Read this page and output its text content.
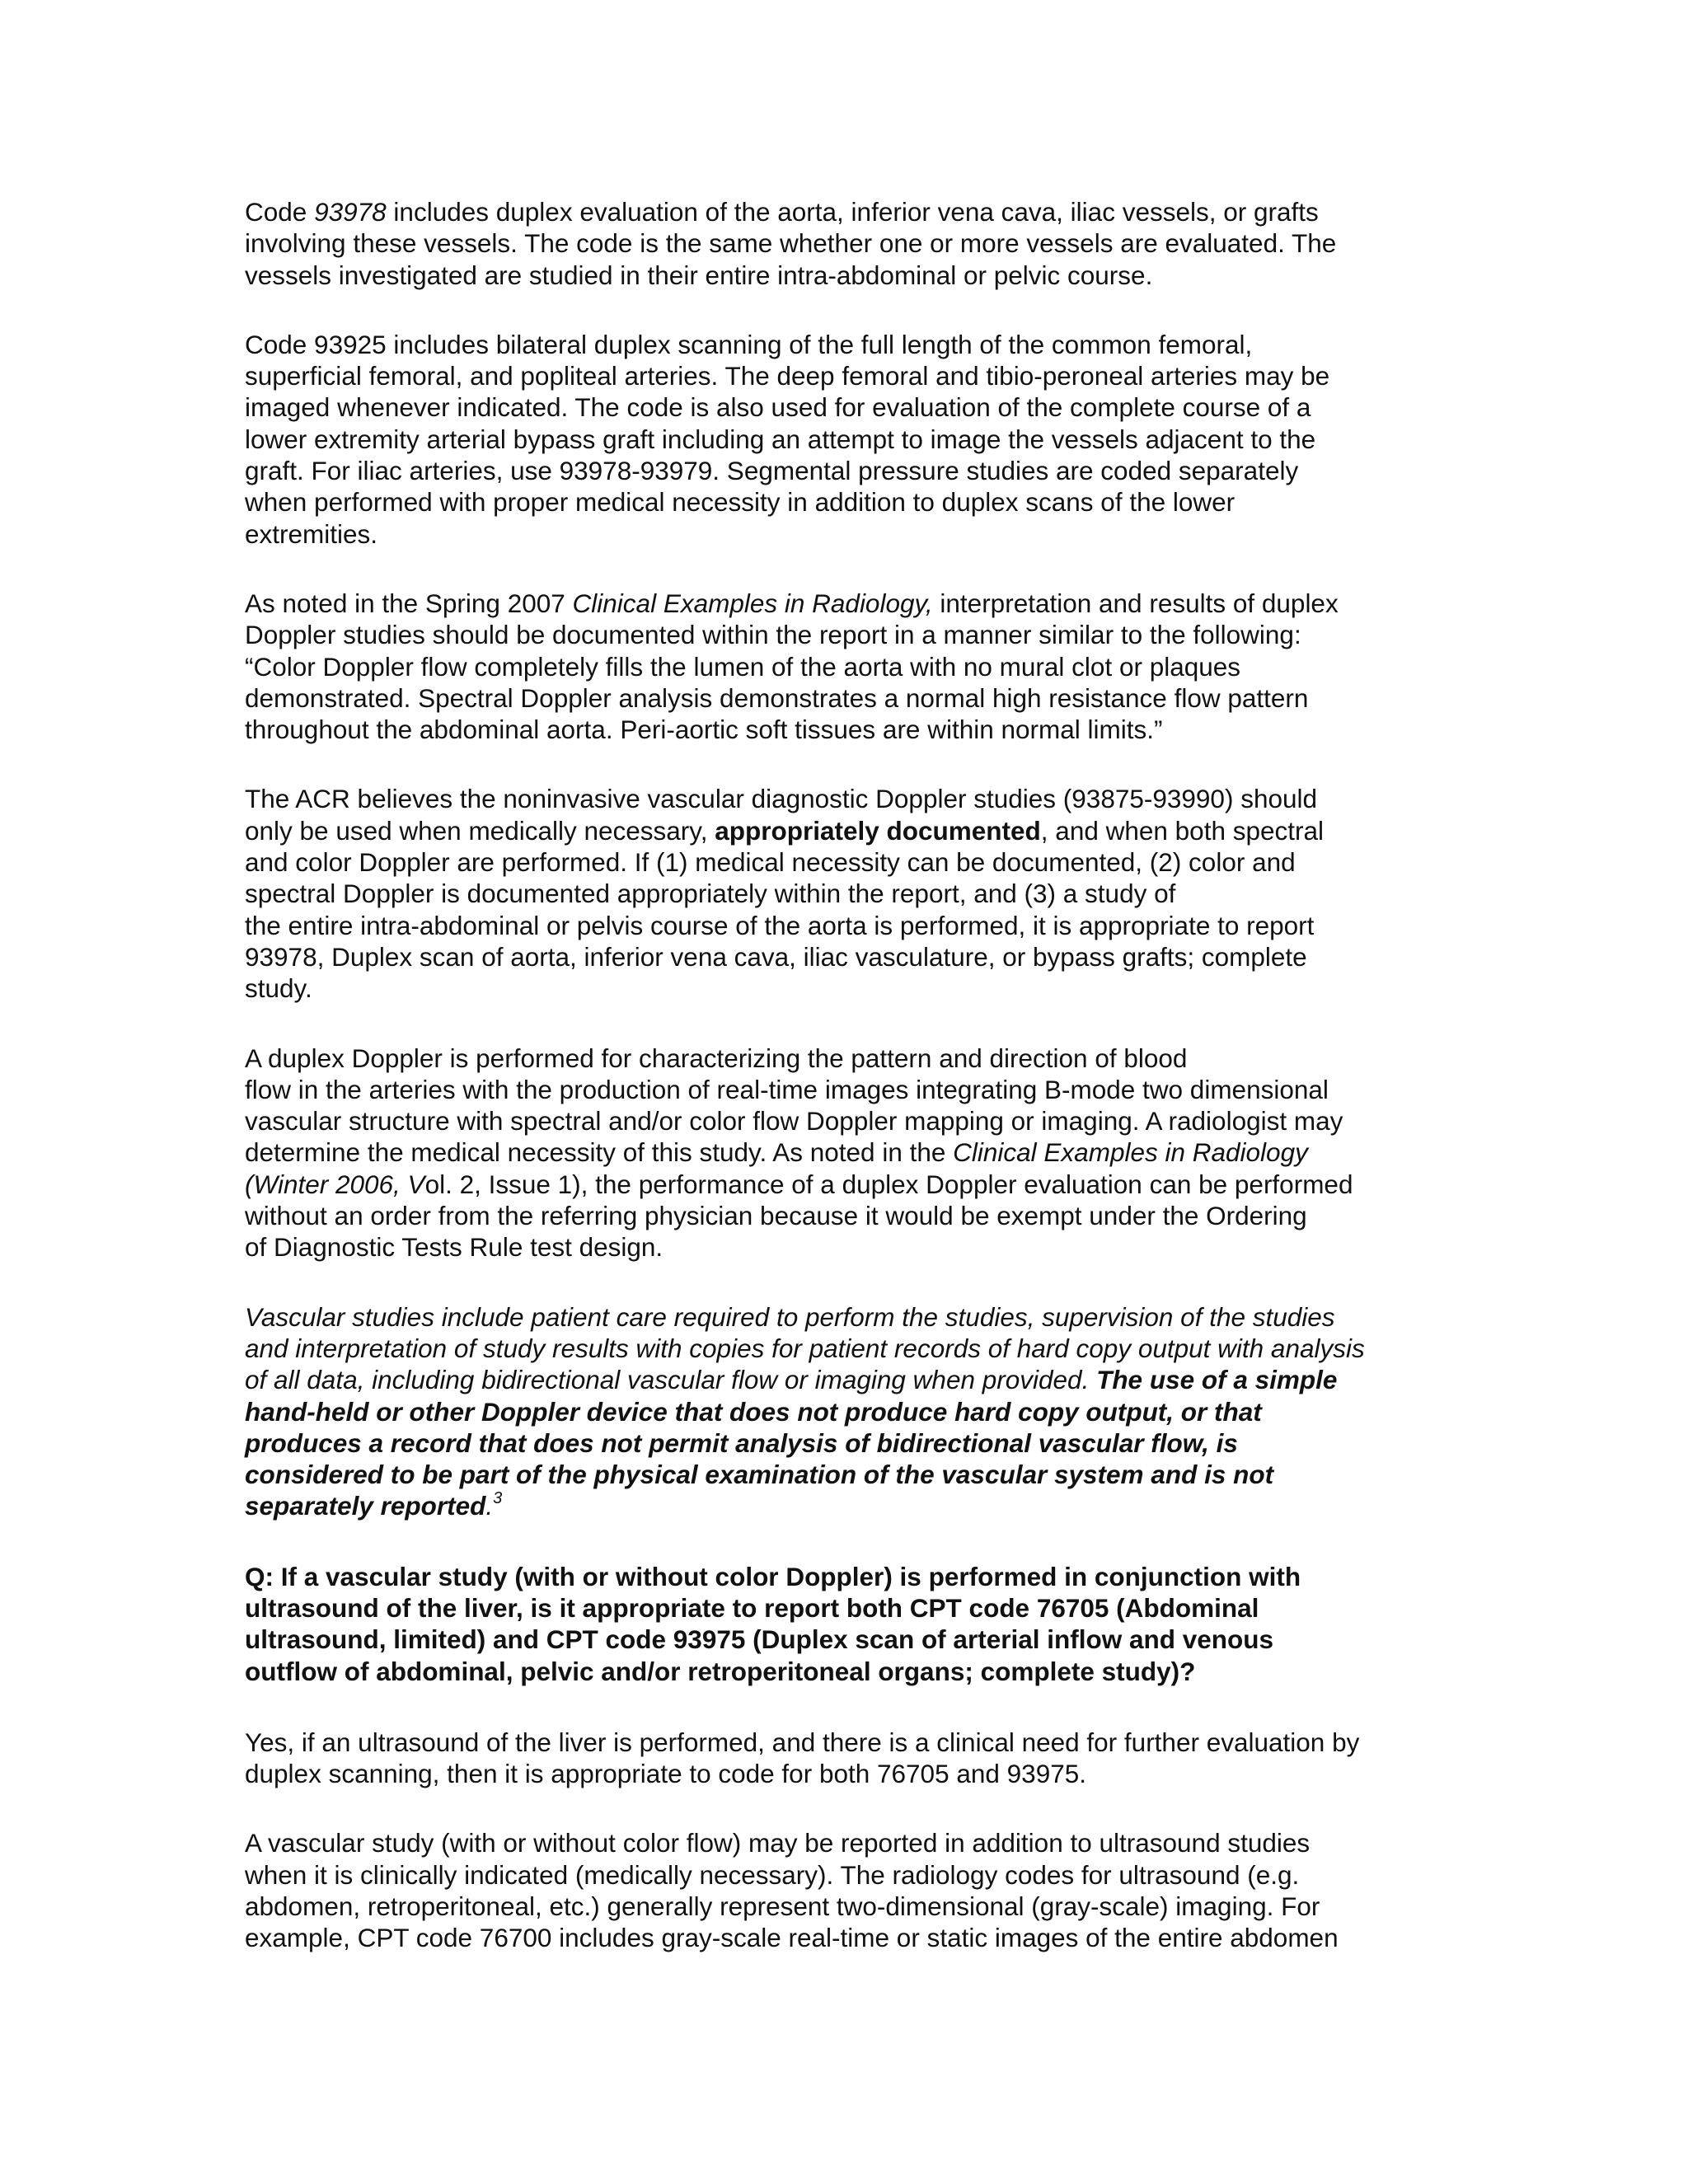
Code 93978 includes duplex evaluation of the aorta, inferior vena cava, iliac vessels, or grafts
involving these vessels. The code is the same whether one or more vessels are evaluated. The
vessels investigated are studied in their entire intra-abdominal or pelvic course.

Code 93925 includes bilateral duplex scanning of the full length of the common femoral,
superficial femoral, and popliteal arteries. The deep femoral and tibio-peroneal arteries may be
imaged whenever indicated. The code is also used for evaluation of the complete course of a
lower extremity arterial bypass graft including an attempt to image the vessels adjacent to the
graft. For iliac arteries, use 93978-93979. Segmental pressure studies are coded separately
when performed with proper medical necessity in addition to duplex scans of the lower
extremities.

As noted in the Spring 2007 Clinical Examples in Radiology, interpretation and results of duplex
Doppler studies should be documented within the report in a manner similar to the following:
“Color Doppler flow completely fills the lumen of the aorta with no mural clot or plaques
demonstrated. Spectral Doppler analysis demonstrates a normal high resistance flow pattern
throughout the abdominal aorta. Peri-aortic soft tissues are within normal limits.”

The ACR believes the noninvasive vascular diagnostic Doppler studies (93875-93990) should
only be used when medically necessary, appropriately documented, and when both spectral
and color Doppler are performed. If (1) medical necessity can be documented, (2) color and
spectral Doppler is documented appropriately within the report, and (3) a study of
the entire intra-abdominal or pelvis course of the aorta is performed, it is appropriate to report
93978, Duplex scan of aorta, inferior vena cava, iliac vasculature, or bypass grafts; complete
study.

A duplex Doppler is performed for characterizing the pattern and direction of blood
flow in the arteries with the production of real-time images integrating B-mode two dimensional
vascular structure with spectral and/or color flow Doppler mapping or imaging. A radiologist may
determine the medical necessity of this study. As noted in the Clinical Examples in Radiology
(Winter 2006, Vol. 2, Issue 1), the performance of a duplex Doppler evaluation can be performed
without an order from the referring physician because it would be exempt under the Ordering
of Diagnostic Tests Rule test design.

Vascular studies include patient care required to perform the studies, supervision of the studies
and interpretation of study results with copies for patient records of hard copy output with analysis
of all data, including bidirectional vascular flow or imaging when provided. The use of a simple
hand-held or other Doppler device that does not produce hard copy output, or that
produces a record that does not permit analysis of bidirectional vascular flow, is
considered to be part of the physical examination of the vascular system and is not
separately reported.$^3$

Q: If a vascular study (with or without color Doppler) is performed in conjunction with
ultrasound of the liver, is it appropriate to report both CPT code 76705 (Abdominal
ultrasound, limited) and CPT code 93975 (Duplex scan of arterial inflow and venous
outflow of abdominal, pelvic and/or retroperitoneal organs; complete study)?

Yes, if an ultrasound of the liver is performed, and there is a clinical need for further evaluation by
duplex scanning, then it is appropriate to code for both 76705 and 93975.

A vascular study (with or without color flow) may be reported in addition to ultrasound studies
when it is clinically indicated (medically necessary). The radiology codes for ultrasound (e.g.
abdomen, retroperitoneal, etc.) generally represent two-dimensional (gray-scale) imaging. For
example, CPT code 76700 includes gray-scale real-time or static images of the entire abdomen
